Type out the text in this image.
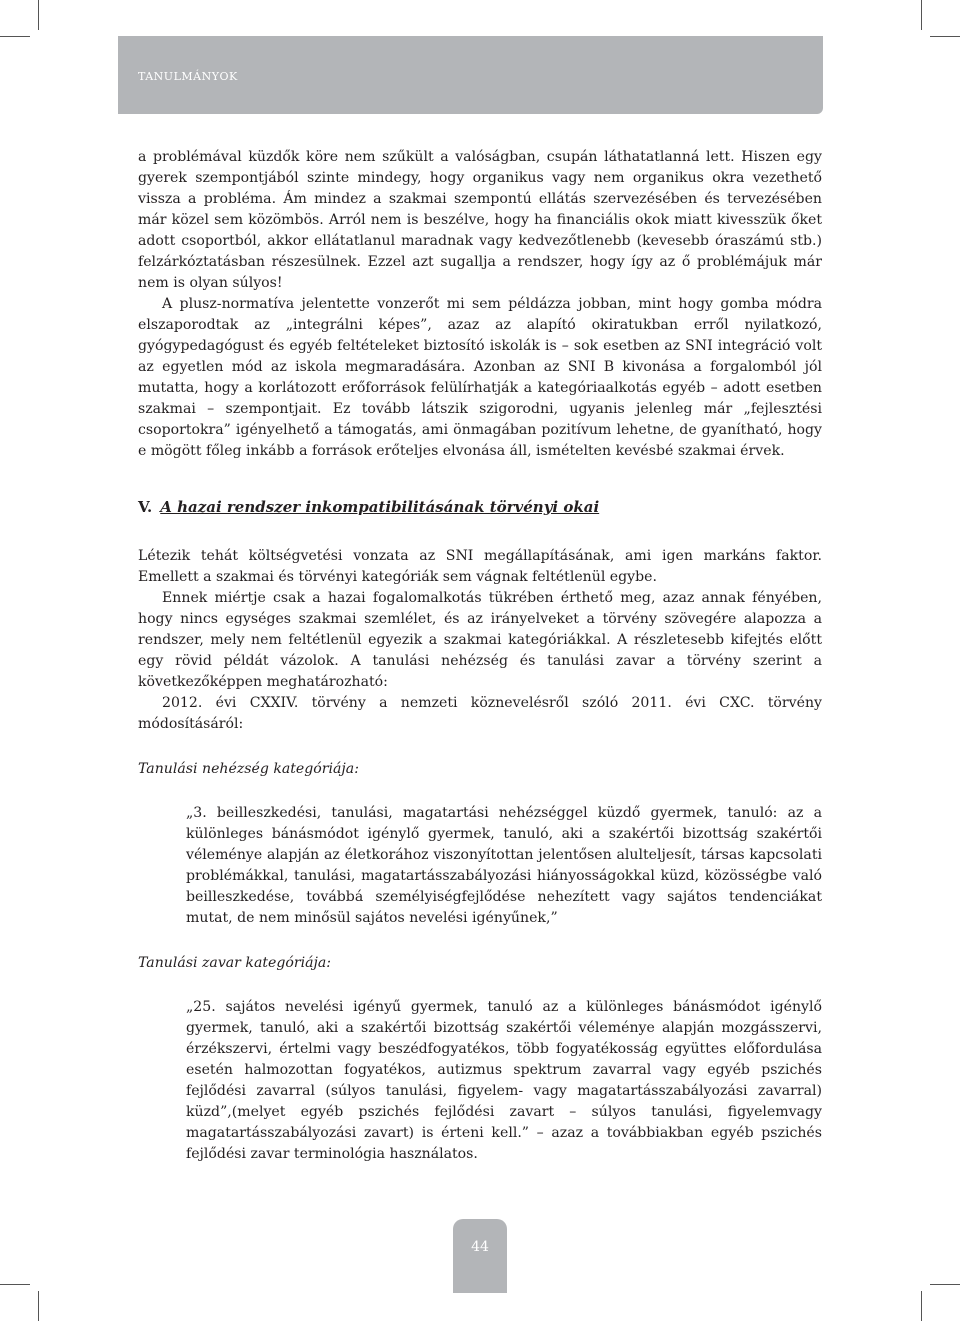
TANULMÁNYOK

a problémával küzdők köre nem szűkült a valóságban, csupán láthatatlanná lett. Hiszen egy gyerek szempontjából szinte mindegy, hogy organikus vagy nem organikus okra vezethető vissza a probléma. Ám mindez a szakmai szempontú ellátás szervezésében és tervezésében már közel sem közömbös. Arról nem is beszélve, hogy ha financiális okok miatt kivesszük őket adott csoportból, akkor ellátatlanul maradnak vagy kedvezőtlenebb (kevesebb óraszámú stb.) felzárkóztatásban részesülnek. Ezzel azt sugallja a rendszer, hogy így az ő problémájuk már nem is olyan súlyos!

A plusz-normatíva jelentette vonzerőt mi sem példázza jobban, mint hogy gomba módra elszaporodtak az „integrálni képes”, azaz az alapító okiratukban erről nyilatkozó, gyógypedagógust és egyéb feltételeket biztosító iskolák is – sok esetben az SNI integráció volt az egyetlen mód az iskola megmaradására. Azonban az SNI B kivonása a forgalomból jól mutatta, hogy a korlátozott erőforrások felülírhatják a kategóriaalkotás egyéb – adott esetben szakmai – szempontjait. Ez tovább látszik szigorodni, ugyanis jelenleg már „fejlesztési csoportokra” igényelhető a támogatás, ami önmagában pozitívum lehetne, de gyanítható, hogy e mögött főleg inkább a források erőteljes elvonása áll, ismételten kevésbé szakmai érvek.

V. A hazai rendszer inkompatibilitásának törvényi okai

Létezik tehát költségvetési vonzata az SNI megállapításának, ami igen markáns faktor. Emellett a szakmai és törvényi kategóriák sem vágnak feltétlenül egybe.

Ennek miértje csak a hazai fogalomalkotás tükrében érthető meg, azaz annak fényében, hogy nincs egységes szakmai szemlélet, és az irányelveket a törvény szövegére alapozza a rendszer, mely nem feltétlenül egyezik a szakmai kategóriákkal. A részletesebb kifejtés előtt egy rövid példát vázolok. A tanulási nehézség és tanulási zavar a törvény szerint a következőképpen meghatározható:

2012. évi CXXIV. törvény a nemzeti köznevelésről szóló 2011. évi CXC. törvény módosításáról:

Tanulási nehézség kategóriája:

„3. beilleszkedési, tanulási, magatartási nehézséggel küzdő gyermek, tanuló: az a különleges bánásmódot igénylő gyermek, tanuló, aki a szakértői bizottság szakértői véleménye alapján az életkorához viszonyítottan jelentősen alulteljesít, társas kapcsolati problémákkal, tanulási, magatartásszabályozási hiányosságokkal küzd, közösségbe való beilleszkedése, továbbá személyiségfejlődése nehezített vagy sajátos tendenciákat mutat, de nem minősül sajátos nevelési igényűnek,”

Tanulási zavar kategóriája:

„25. sajátos nevelési igényű gyermek, tanuló az a különleges bánásmódot igénylő gyermek, tanuló, aki a szakértői bizottság szakértői véleménye alapján mozgásszervi, érzékszervi, értelmi vagy beszédfogyatékos, több fogyatékosság együttes előfordulása esetén halmozottan fogyatékos, autizmus spektrum zavarral vagy egyéb pszichés fejlődési zavarral (súlyos tanulási, figyelem- vagy magatartásszabályozási zavarral) küzd”,(melyet egyéb pszichés fejlődési zavart – súlyos tanulási, figyelemvagy magatartásszabályozási zavart) is érteni kell.” – azaz a továbbiakban egyéb pszichés fejlődési zavar terminológia használatos.

44
